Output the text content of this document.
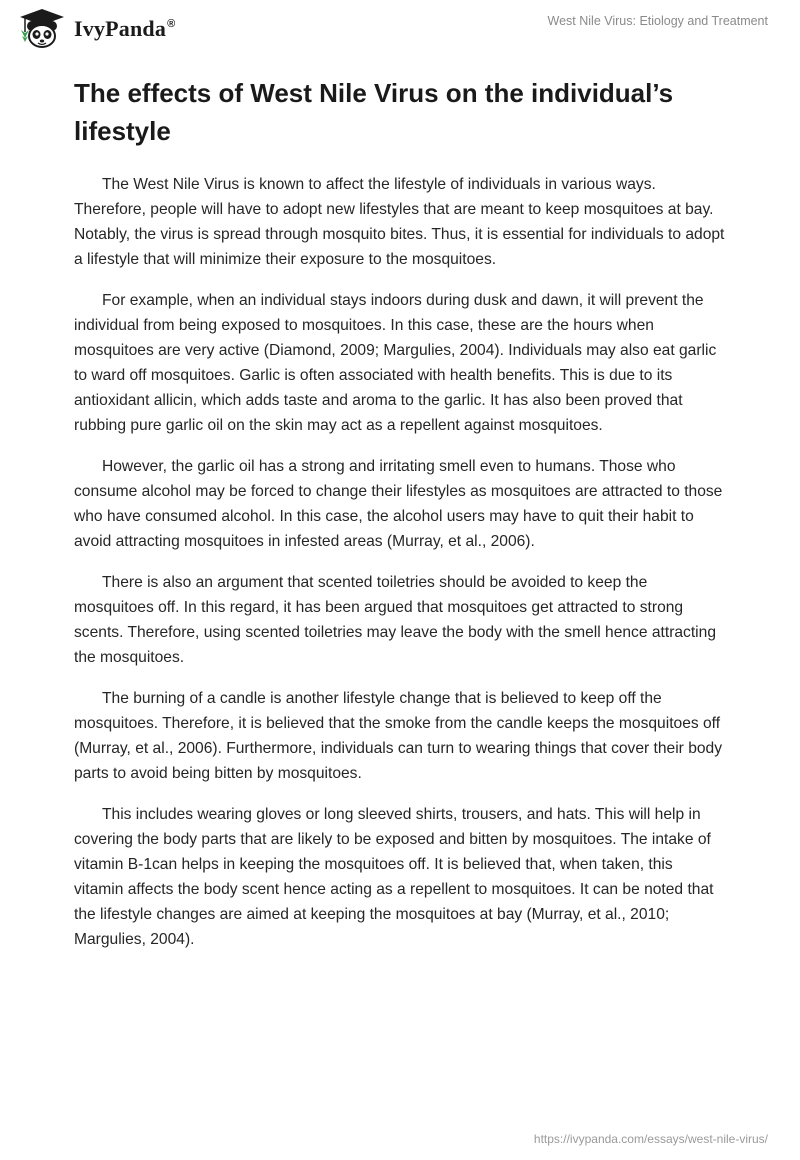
IvyPanda®	West Nile Virus: Etiology and Treatment
The effects of West Nile Virus on the individual’s lifestyle

The West Nile Virus is known to affect the lifestyle of individuals in various ways. Therefore, people will have to adopt new lifestyles that are meant to keep mosquitoes at bay. Notably, the virus is spread through mosquito bites. Thus, it is essential for individuals to adopt a lifestyle that will minimize their exposure to the mosquitoes.

For example, when an individual stays indoors during dusk and dawn, it will prevent the individual from being exposed to mosquitoes. In this case, these are the hours when mosquitoes are very active (Diamond, 2009; Margulies, 2004). Individuals may also eat garlic to ward off mosquitoes. Garlic is often associated with health benefits. This is due to its antioxidant allicin, which adds taste and aroma to the garlic. It has also been proved that rubbing pure garlic oil on the skin may act as a repellent against mosquitoes.

However, the garlic oil has a strong and irritating smell even to humans. Those who consume alcohol may be forced to change their lifestyles as mosquitoes are attracted to those who have consumed alcohol. In this case, the alcohol users may have to quit their habit to avoid attracting mosquitoes in infested areas (Murray, et al., 2006).

There is also an argument that scented toiletries should be avoided to keep the mosquitoes off. In this regard, it has been argued that mosquitoes get attracted to strong scents. Therefore, using scented toiletries may leave the body with the smell hence attracting the mosquitoes.

The burning of a candle is another lifestyle change that is believed to keep off the mosquitoes. Therefore, it is believed that the smoke from the candle keeps the mosquitoes off (Murray, et al., 2006). Furthermore, individuals can turn to wearing things that cover their body parts to avoid being bitten by mosquitoes.

This includes wearing gloves or long sleeved shirts, trousers, and hats. This will help in covering the body parts that are likely to be exposed and bitten by mosquitoes. The intake of vitamin B-1can helps in keeping the mosquitoes off. It is believed that, when taken, this vitamin affects the body scent hence acting as a repellent to mosquitoes. It can be noted that the lifestyle changes are aimed at keeping the mosquitoes at bay (Murray, et al., 2010; Margulies, 2004).

https://ivypanda.com/essays/west-nile-virus/
